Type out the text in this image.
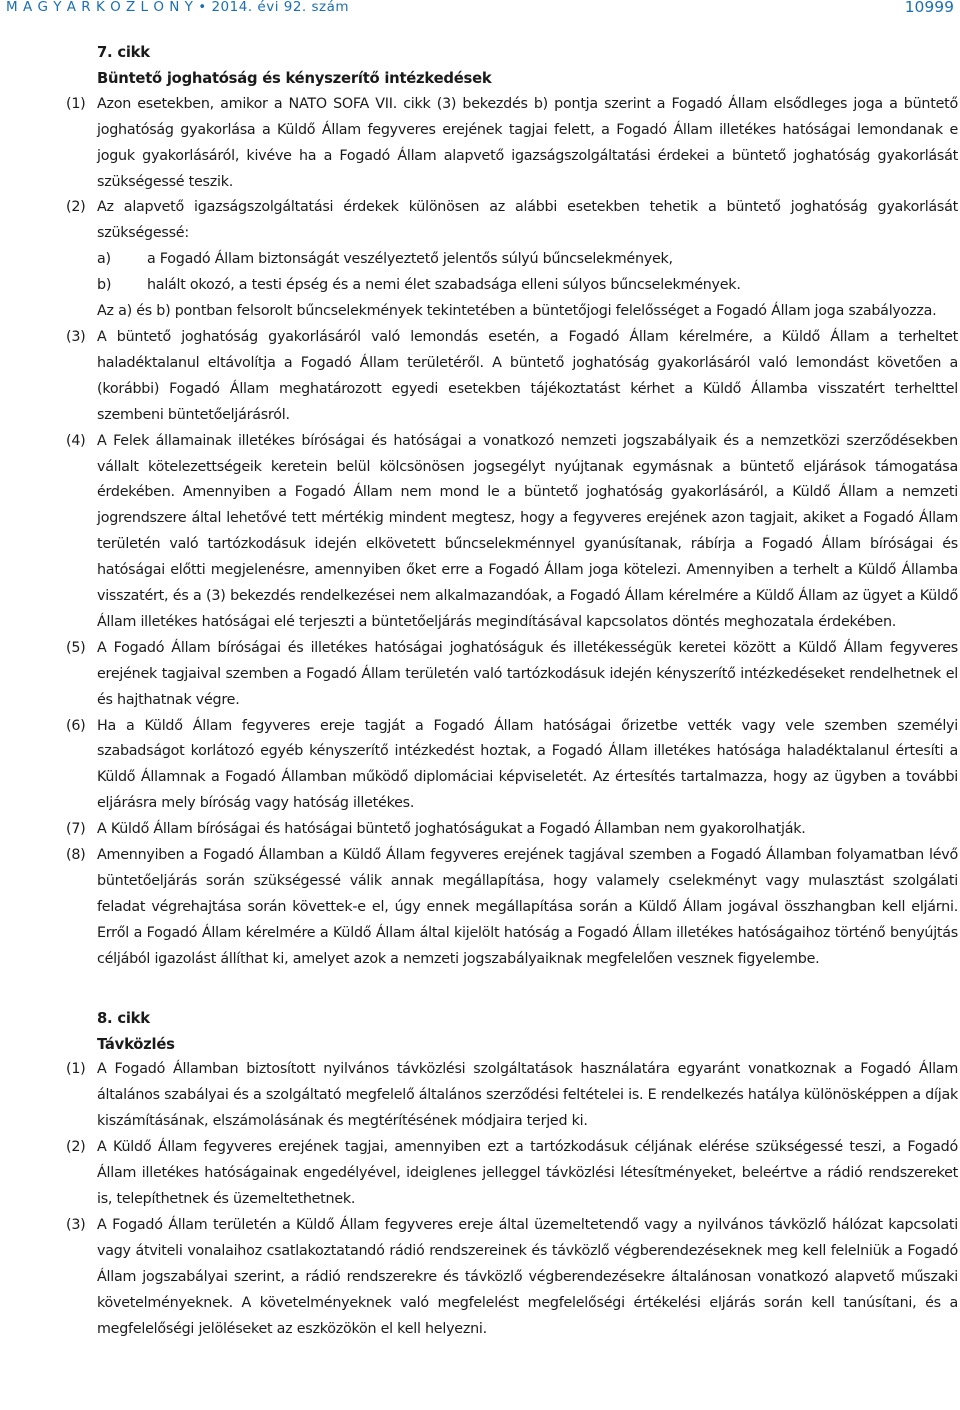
M A G Y A R K Ö Z L Ö N Y • 2014. évi 92. szám	10999
7. cikk
Büntető joghatóság és kényszerítő intézkedések
(1) Azon esetekben, amikor a NATO SOFA VII. cikk (3) bekezdés b) pontja szerint a Fogadó Állam elsődleges joga a büntető joghatóság gyakorlása a Küldő Állam fegyveres erejének tagjai felett, a Fogadó Állam illetékes hatóságai lemondanak e joguk gyakorlásáról, kivéve ha a Fogadó Állam alapvető igazságszolgáltatási érdekei a büntető joghatóság gyakorlását szükségessé teszik.
(2) Az alapvető igazságszolgáltatási érdekek különösen az alábbi esetekben tehetik a büntető joghatóság gyakorlását szükségessé:
a)	a Fogadó Állam biztonságát veszélyeztető jelentős súlyú bűncselekmények,
b)	halált okozó, a testi épség és a nemi élet szabadsága elleni súlyos bűncselekmények.
Az a) és b) pontban felsorolt bűncselekmények tekintetében a büntetőjogi felelősséget a Fogadó Állam joga szabályozza.
(3) A büntető joghatóság gyakorlásáról való lemondás esetén, a Fogadó Állam kérelmére, a Küldő Állam a terheltet haladéktalanul eltávolítja a Fogadó Állam területéről. A büntető joghatóság gyakorlásáról való lemondást követően a (korábbi) Fogadó Állam meghatározott egyedi esetekben tájékoztatást kérhet a Küldő Államba visszatért terhelttel szembeni büntetőeljárásról.
(4) A Felek államainak illetékes bíróságai és hatóságai a vonatkozó nemzeti jogszabályaik és a nemzetközi szerződésekben vállalt kötelezettségeik keretein belül kölcsönösen jogsegélyt nyújtanak egymásnak a büntető eljárások támogatása érdekében. Amennyiben a Fogadó Állam nem mond le a büntető joghatóság gyakorlásáról, a Küldő Állam a nemzeti jogrendszere által lehetővé tett mértékig mindent megtesz, hogy a fegyveres erejének azon tagjait, akiket a Fogadó Állam területén való tartózkodásuk idején elkövetett bűncselekménnyel gyanúsítanak, rábírja a Fogadó Állam bíróságai és hatóságai előtti megjelenésre, amennyiben őket erre a Fogadó Állam joga kötelezi. Amennyiben a terhelt a Küldő Államba visszatért, és a (3) bekezdés rendelkezései nem alkalmazandóak, a Fogadó Állam kérelmére a Küldő Állam az ügyet a Küldő Állam illetékes hatóságai elé terjeszti a büntetőeljárás megindításával kapcsolatos döntés meghozatala érdekében.
(5) A Fogadó Állam bíróságai és illetékes hatóságai joghatóságuk és illetékességük keretei között a Küldő Állam fegyveres erejének tagjaival szemben a Fogadó Állam területén való tartózkodásuk idején kényszerítő intézkedéseket rendelhetnek el és hajthatnak végre.
(6) Ha a Küldő Állam fegyveres ereje tagját a Fogadó Állam hatóságai őrizetbe vették vagy vele szemben személyi szabadságot korlátozó egyéb kényszerítő intézkedést hoztak, a Fogadó Állam illetékes hatósága haladéktalanul értesíti a Küldő Államnak a Fogadó Államban működő diplomáciai képviseletét. Az értesítés tartalmazza, hogy az ügyben a további eljárásra mely bíróság vagy hatóság illetékes.
(7) A Küldő Állam bíróságai és hatóságai büntető joghatóságukat a Fogadó Államban nem gyakorolhatják.
(8) Amennyiben a Fogadó Államban a Küldő Állam fegyveres erejének tagjával szemben a Fogadó Államban folyamatban lévő büntetőeljárás során szükségessé válik annak megállapítása, hogy valamely cselekményt vagy mulasztást szolgálati feladat végrehajtása során követtek-e el, úgy ennek megállapítása során a Küldő Állam jogával összhangban kell eljárni. Erről a Fogadó Állam kérelmére a Küldő Állam által kijelölt hatóság a Fogadó Állam illetékes hatóságaihoz történő benyújtás céljából igazolást állíthat ki, amelyet azok a nemzeti jogszabályaiknak megfelelően vesznek figyelembe.
8. cikk
Távközlés
(1) A Fogadó Államban biztosított nyilvános távközlési szolgáltatások használatára egyaránt vonatkoznak a Fogadó Állam általános szabályai és a szolgáltató megfelelő általános szerződési feltételei is. E rendelkezés hatálya különösképpen a díjak kiszámításának, elszámolásának és megtérítésének módjaira terjed ki.
(2) A Küldő Állam fegyveres erejének tagjai, amennyiben ezt a tartózkodásuk céljának elérése szükségessé teszi, a Fogadó Állam illetékes hatóságainak engedélyével, ideiglenes jelleggel távközlési létesítményeket, beleértve a rádió rendszereket is, telepíthetnek és üzemeltethetnek.
(3) A Fogadó Állam területén a Küldő Állam fegyveres ereje által üzemeltetendő vagy a nyilvános távközlő hálózat kapcsolati vagy átviteli vonalaihoz csatlakoztatandó rádió rendszereinek és távközlő végberendezéseknek meg kell felelniük a Fogadó Állam jogszabályai szerint, a rádió rendszerekre és távközlő végberendezésekre általánosan vonatkozó alapvető műszaki követelményeknek. A követelményeknek való megfelelést megfelelőségi értékelési eljárás során kell tanúsítani, és a megfelelőségi jelöléseket az eszközökön el kell helyezni.
